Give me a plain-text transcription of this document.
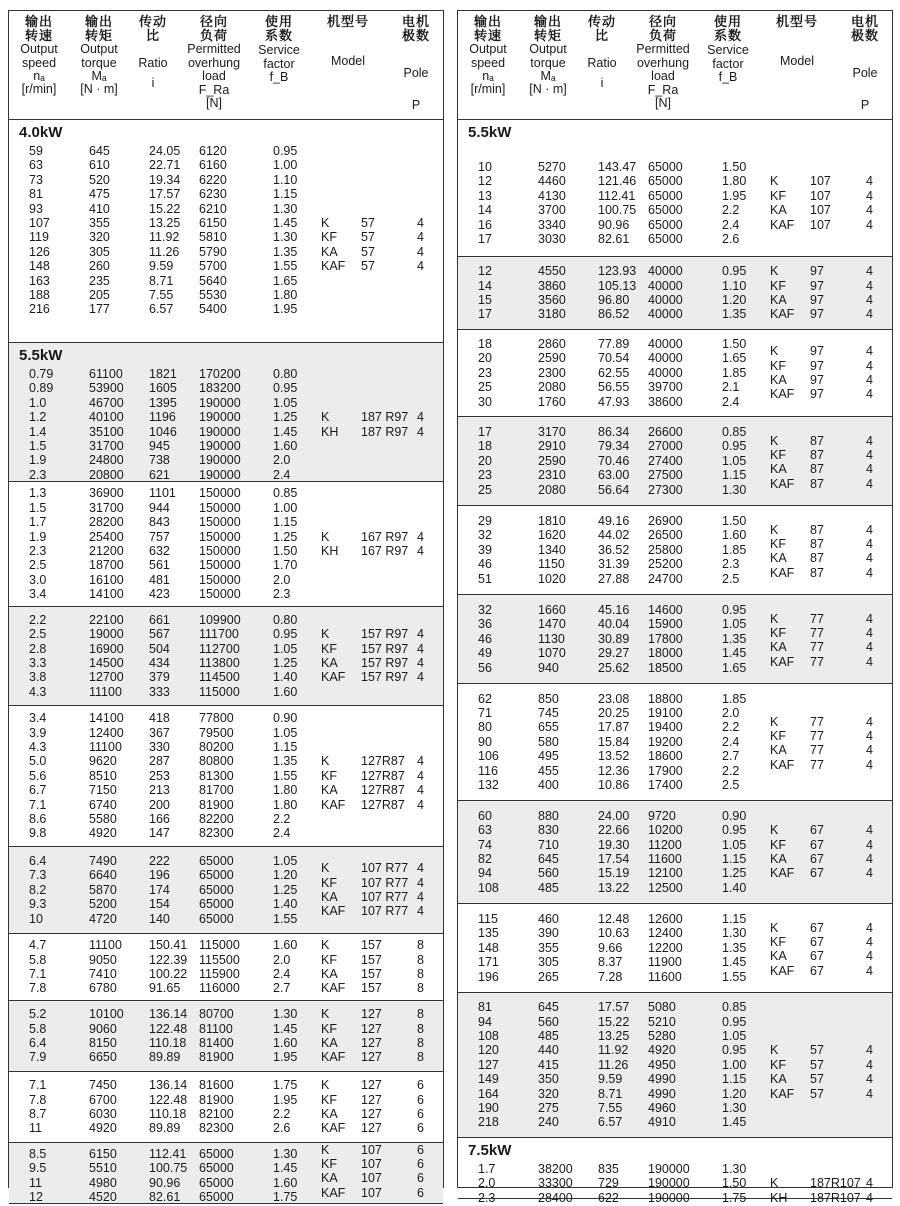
输出
转速
Output
speed
nₐ
[r/min]
输出
转矩
Output
torque
Mₐ
[N · m]
传动
比
Ratio
i
径向
负荷
Permitted
overhung
load
F_Ra
[N]
使用
系数
Service
factor
f_B
机型号
Model
电机
极数
Pole
P
4.0kW
59	645	24.05 6120	0.95
63	610	22.71 6160	1.00
73	520	19.34 6220	1.10
81	475	17.57 6230	1.15
93	410	15.22 6210	1.30
107	355	13.25 6150	1.45
119	320	11.92 5810	1.30
126	305	11.26 5790	1.35
148	260	9.59 5700	1.55
163	235	8.71 5640	1.65
188	205	7.55 5530	1.80
216	177	6.57 5400	1.95
K	57	4
KF 57	4
KA 57	4
KAF 57	4
5.5kW
0.79	61100 1821 170200	0.80
0.89	53900 1605 183200	0.95
1.0	46700 1395 190000	1.05
1.2	40100 1196 190000	1.25
1.4	35100 1046 190000	1.45
1.5	31700 945 190000	1.60
1.9	24800 738 190000	2.0
2.3	20800 621 190000	2.4
K	187 R97 4
KH 187 R97 4
1.3	36900 1101 150000	0.85
1.5	31700 944 150000	1.00
1.7	28200 843 150000	1.15
1.9	25400 757 150000	1.25
2.3	21200 632 150000	1.50
2.5	18700 561 150000	1.70
3.0	16100 481 150000	2.0
3.4	14100 423 150000	2.3
K	167 R97 4
KH 167 R97 4
2.2	22100 661 109900	0.80
2.5	19000 567 111700	0.95
2.8	16900 504 112700	1.05
3.3	14500 434 113800	1.25
3.8	12700 379 114500	1.40
4.3	11100 333 115000	1.60
K	157 R97 4
KF 157 R97 4
KA 157 R97 4
KAF 157 R97 4
3.4	14100 418 77800	0.90
3.9	12400 367 79500	1.05
4.3	11100 330 80200	1.15
5.0	9620	287 80800	1.35
5.6	8510	253 81300	1.55
6.7	7150	213 81700	1.80
7.1	6740	200 81900	1.80
8.6	5580	166 82200	2.2
9.8	4920	147 82300	2.4
K	127R87 4
KF 127R87 4
KA 127R87 4
KAF 127R87 4
6.4	7490	222 65000	1.05
7.3	6640	196 65000	1.20
8.2	5870	174 65000	1.25
9.3	5200	154 65000	1.40
10	4720	140 65000	1.55
K	107 R77 4
KF 107 R77 4
KA 107 R77 4
KAF 107 R77 4
4.7	11100 150.41 115000	1.60
5.8	9050	122.39 115500	2.0
7.1	7410	100.22 115900	2.4
7.8	6780	91.65 116000	2.7
K	157	8
KF 157	8
KA 157	8
KAF 157	8
5.2	10100 136.14 80700	1.30
5.8	9060	122.48 81100	1.45
6.4	8150	110.18 81400	1.60
7.9	6650	89.89 81900	1.95
K	127	8
KF 127	8
KA 127	8
KAF 127	8
7.1	7450	136.14 81600	1.75
7.8	6700	122.48 81900	1.95
8.7	6030	110.18 82100	2.2
11	4920	89.89 82300	2.6
K	127	6
KF 127	6
KA 127	6
KAF 127	6
8.5	6150	112.41 65000	1.30
9.5	5510	100.75 65000	1.45
11	4980	90.96 65000	1.60
12	4520	82.61 65000	1.75
K	107	6
KF 107	6
KA 107	6
KAF 107	6
输出
转速
Output
speed
nₐ
[r/min]
输出
转矩
Output
torque
Mₐ
[N · m]
传动
比
Ratio
i
径向
负荷
Permitted
overhung
load
F_Ra
[N]
使用
系数
Service
factor
f_B
机型号
Model
电机
极数
Pole
P
5.5kW
10	5270	143.47 65000	1.50
12	4460	121.46 65000	1.80
13	4130	112.41 65000	1.95
14	3700	100.75 65000	2.2
16	3340	90.96 65000	2.4
17	3030	82.61 65000	2.6
K	107	4
KF 107	4
KA 107	4
KAF 107	4
12	4550	123.93 40000	0.95
14	3860	105.13 40000	1.10
15	3560	96.80 40000	1.20
17	3180	86.52 40000	1.35
K	97	4
KF 97	4
KA 97	4
KAF 97	4
18	2860	77.89 40000	1.50
20	2590	70.54 40000	1.65
23	2300	62.55 40000	1.85
25	2080	56.55 39700	2.1
30	1760	47.93 38600	2.4
K	97	4
KF 97	4
KA 97	4
KAF 97	4
17	3170	86.34 26600	0.85
18	2910	79.34 27000	0.95
20	2590	70.46 27400	1.05
23	2310	63.00 27500	1.15
25	2080	56.64 27300	1.30
K	87	4
KF 87	4
KA 87	4
KAF 87	4
29	1810	49.16 26900	1.50
32	1620	44.02 26500	1.60
39	1340	36.52 25800	1.85
46	1150	31.39 25200	2.3
51	1020	27.88 24700	2.5
K	87	4
KF 87	4
KA 87	4
KAF 87	4
32	1660	45.16 14600	0.95
36	1470	40.04 15900	1.05
46	1130	30.89 17800	1.35
49	1070	29.27 18000	1.45
56	940	25.62 18500	1.65
K	77	4
KF 77	4
KA 77	4
KAF 77	4
62	850	23.08 18800	1.85
71	745	20.25 19100	2.0
80	655	17.87 19400	2.2
90	580	15.84 19200	2.4
106	495	13.52 18600	2.7
116	455	12.36 17900	2.2
132	400	10.86 17400	2.5
K	77	4
KF 77	4
KA 77	4
KAF 77	4
60	880	24.00 9720	0.90
63	830	22.66 10200	0.95
74	710	19.30 11200	1.05
82	645	17.54 11600	1.15
94	560	15.19 12100	1.25
108	485	13.22 12500	1.40
K	67	4
KF 67	4
KA 67	4
KAF 67	4
115	460	12.48 12600	1.15
135	390	10.63 12400	1.30
148	355	9.66 12200	1.35
171	305	8.37 11900	1.45
196	265	7.28 11600	1.55
K	67	4
KF 67	4
KA 67	4
KAF 67	4
81	645	17.57 5080	0.85
94	560	15.22 5210	0.95
108	485	13.25 5280	1.05
120	440	11.92 4920	0.95
127	415	11.26 4950	1.00
149	350	9.59 4990	1.15
164	320	8.71 4990	1.20
190	275	7.55 4960	1.30
218	240	6.57 4910	1.45
K	57	4
KF 57	4
KA 57	4
KAF 57	4
7.5kW
1.7	38200 835 190000	1.30
2.0	33300 729 190000	1.50
2.3	28400 622 190000	1.75
K	187R107 4
KH 187R107 4
